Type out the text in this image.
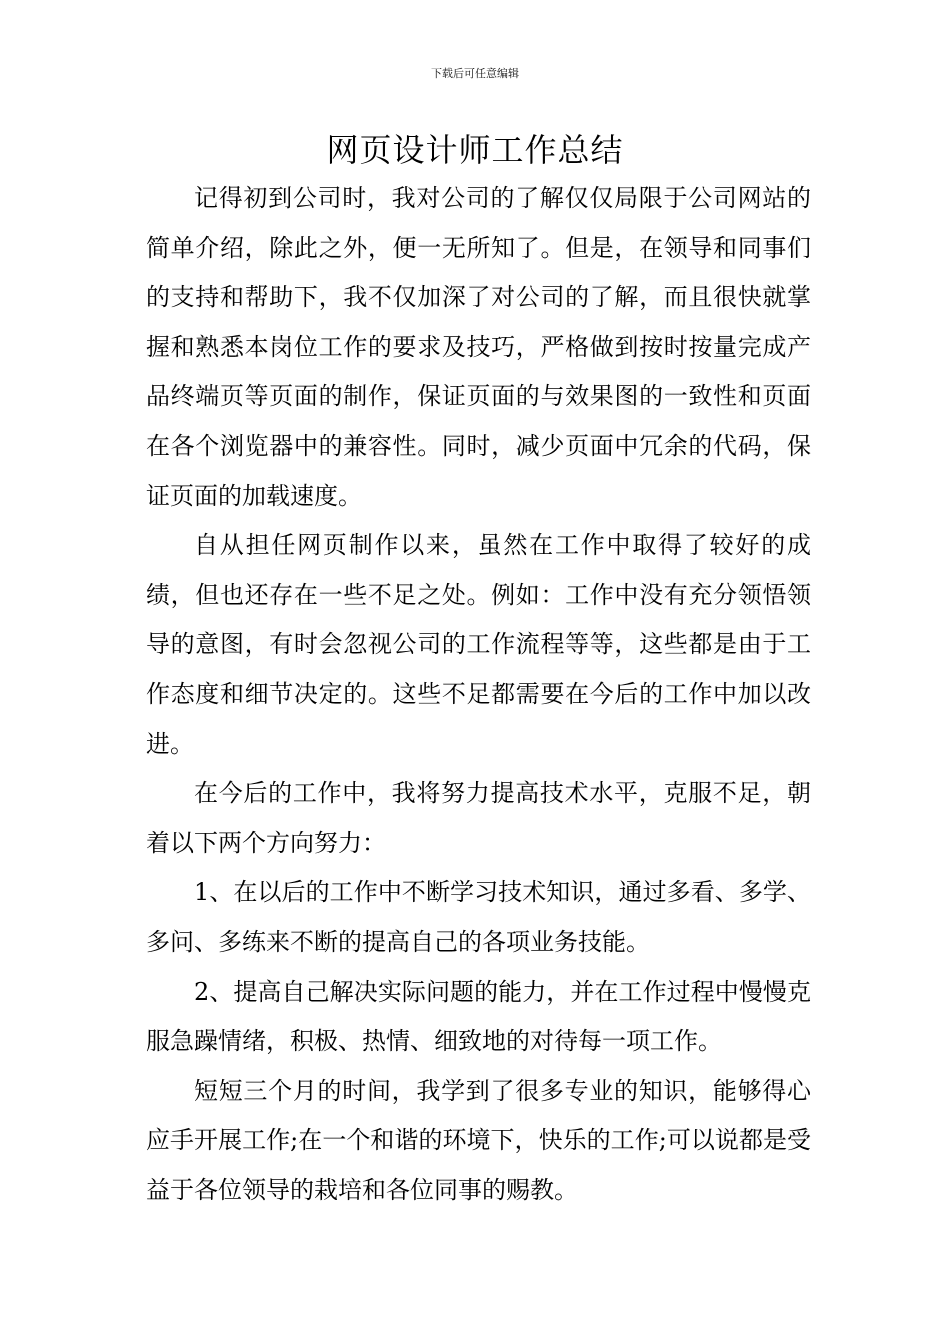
下载后可任意编辑
网页设计师工作总结

记得初到公司时，我对公司的了解仅仅局限于公司网站的简单介绍，除此之外，便一无所知了。但是，在领导和同事们的支持和帮助下，我不仅加深了对公司的了解，而且很快就掌握和熟悉本岗位工作的要求及技巧，严格做到按时按量完成产品终端页等页面的制作，保证页面的与效果图的一致性和页面在各个浏览器中的兼容性。同时，减少页面中冗余的代码，保证页面的加载速度。

自从担任网页制作以来，虽然在工作中取得了较好的成绩，但也还存在一些不足之处。例如：工作中没有充分领悟领导的意图，有时会忽视公司的工作流程等等，这些都是由于工作态度和细节决定的。这些不足都需要在今后的工作中加以改进。

在今后的工作中，我将努力提高技术水平，克服不足，朝着以下两个方向努力：

1、在以后的工作中不断学习技术知识，通过多看、多学、多问、多练来不断的提高自己的各项业务技能。

2、提高自己解决实际问题的能力，并在工作过程中慢慢克服急躁情绪，积极、热情、细致地的对待每一项工作。

短短三个月的时间，我学到了很多专业的知识，能够得心应手开展工作;在一个和谐的环境下，快乐的工作;可以说都是受益于各位领导的栽培和各位同事的赐教。
